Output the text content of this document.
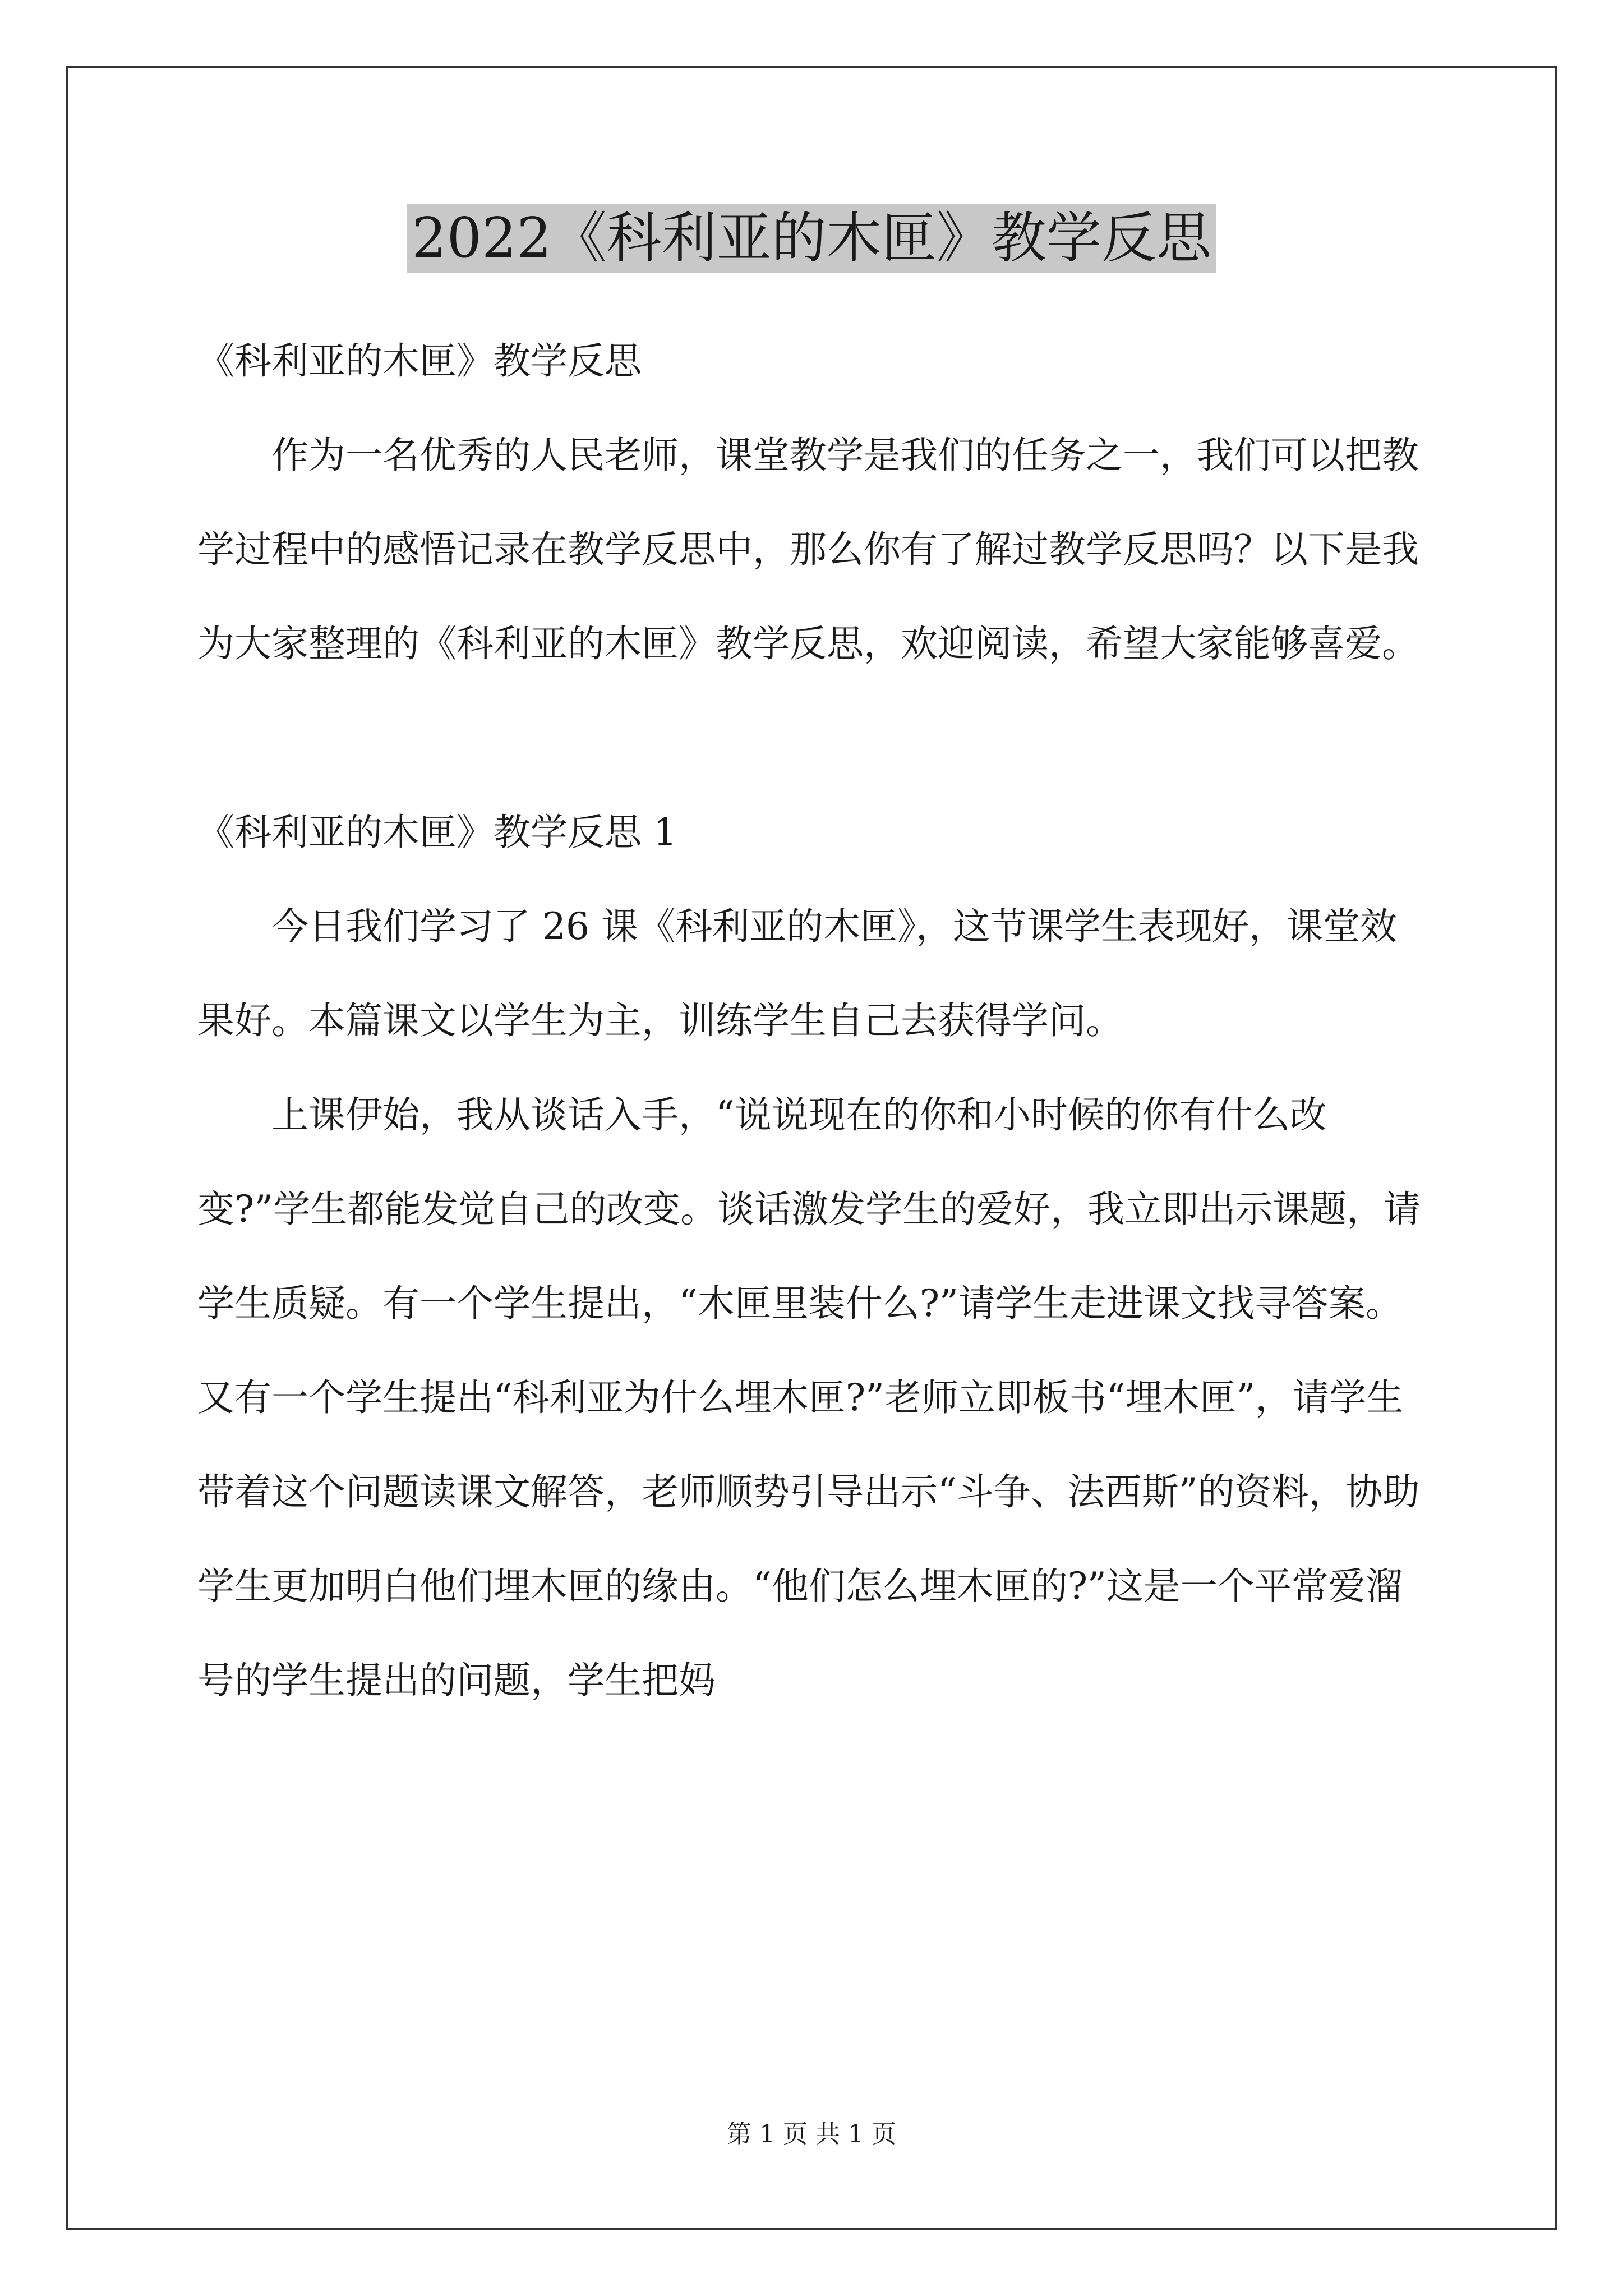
2022《科利亚的木匣》教学反思
《科利亚的木匣》教学反思

作为一名优秀的人民老师，课堂教学是我们的任务之一，我们可以把教学过程中的感悟记录在教学反思中，那么你有了解过教学反思吗？以下是我为大家整理的《科利亚的木匣》教学反思，欢迎阅读，希望大家能够喜爱。

《科利亚的木匣》教学反思 1

今日我们学习了 26 课《科利亚的木匣》，这节课学生表现好，课堂效果好。本篇课文以学生为主，训练学生自己去获得学问。

上课伊始，我从谈话入手，“说说现在的你和小时候的你有什么改变?”学生都能发觉自己的改变。谈话激发学生的爱好，我立即出示课题，请学生质疑。有一个学生提出，“木匣里装什么?”请学生走进课文找寻答案。又有一个学生提出“科利亚为什么埋木匣?”老师立即板书“埋木匣”，请学生带着这个问题读课文解答，老师顺势引导出示“斗争、法西斯”的资料，协助学生更加明白他们埋木匣的缘由。“他们怎么埋木匣的?”这是一个平常爱溜号的学生提出的问题，学生把妈

第 1 页 共 1 页
